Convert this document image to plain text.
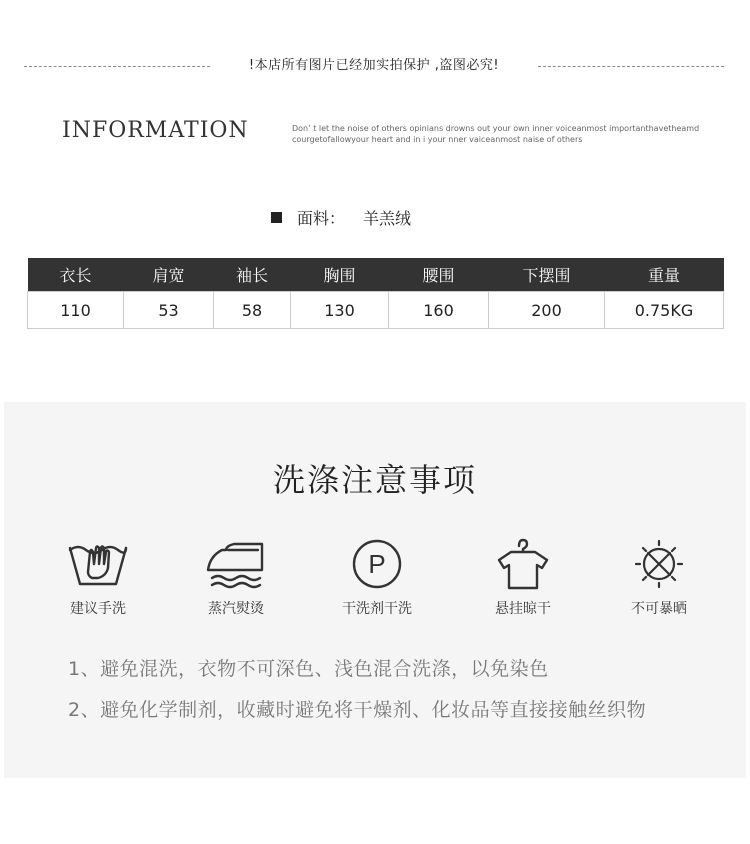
!本店所有图片已经加实拍保护 ,盗图必究!
INFORMATION	Don’ t let the noise of others opinians drowns out your own inner voiceanmost importanthavetheamd courgetofallowyour heart and in i your nner vaiceanmost naise of others
面料： 羊羔绒
衣长	肩宽	袖长	胸围	腰围	下摆围	重量
110	53	58	130	160	200	0.75KG
洗涤注意事项
建议手洗	蒸汽熨烫
P
干洗剂干洗	悬挂晾干	不可暴晒
1、避免混洗，衣物不可深色、浅色混合洗涤，以免染色
2、避免化学制剂，收藏时避免将干燥剂、化妆品等直接接触丝织物
